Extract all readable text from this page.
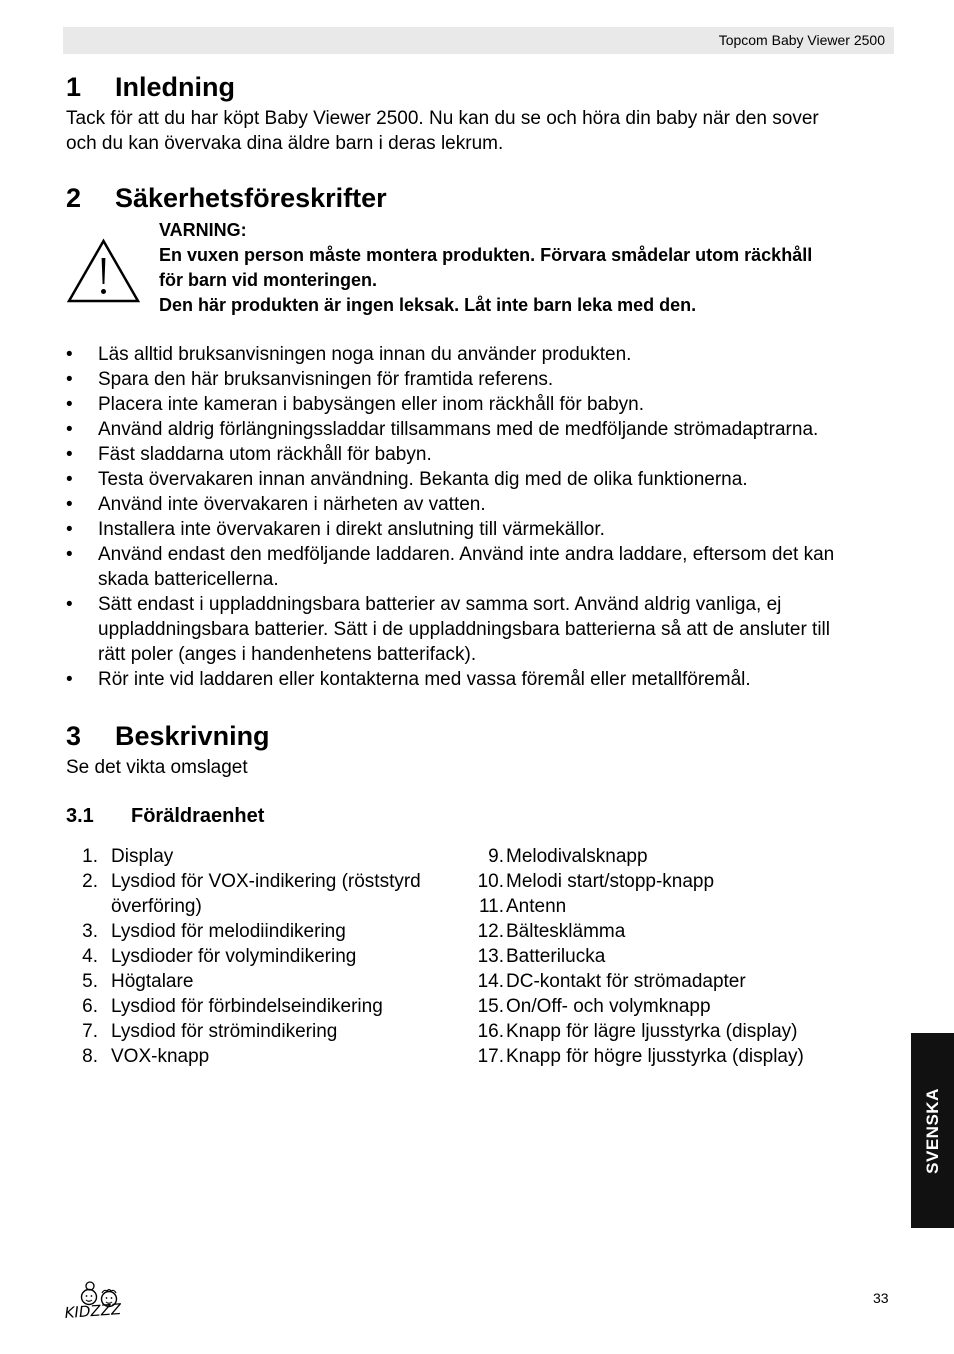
Topcom Baby Viewer 2500
1 Inledning
Tack för att du har köpt Baby Viewer 2500. Nu kan du se och höra din baby när den sover
och du kan övervaka dina äldre barn i deras lekrum.
2 Säkerhetsföreskrifter
VARNING:
En vuxen person måste montera produkten. Förvara smådelar utom räckhåll
för barn vid monteringen.
Den här produkten är ingen leksak. Låt inte barn leka med den.
• Läs alltid bruksanvisningen noga innan du använder produkten.
• Spara den här bruksanvisningen för framtida referens.
• Placera inte kameran i babysängen eller inom räckhåll för babyn.
• Använd aldrig förlängningssladdar tillsammans med de medföljande strömadaptrarna.
• Fäst sladdarna utom räckhåll för babyn.
• Testa övervakaren innan användning. Bekanta dig med de olika funktionerna.
• Använd inte övervakaren i närheten av vatten.
• Installera inte övervakaren i direkt anslutning till värmekällor.
• Använd endast den medföljande laddaren. Använd inte andra laddare, eftersom det kan
skada battericellerna.
• Sätt endast i uppladdningsbara batterier av samma sort. Använd aldrig vanliga, ej
uppladdningsbara batterier. Sätt i de uppladdningsbara batterierna så att de ansluter till
rätt poler (anges i handenhetens batterifack).
• Rör inte vid laddaren eller kontakterna med vassa föremål eller metallföremål.
3 Beskrivning
Se det vikta omslaget
3.1 Föräldraenhet
1. Display
2. Lysdiod för VOX-indikering (röststyrd
överföring)
3. Lysdiod för melodiindikering
4. Lysdioder för volymindikering
5. Högtalare
6. Lysdiod för förbindelseindikering
7. Lysdiod för strömindikering
8. VOX-knapp
9. Melodivalsknapp
10. Melodi start/stopp-knapp
11. Antenn
12. Bältesklämma
13. Batterilucka
14. DC-kontakt för strömadapter
15. On/Off- och volymknapp
16. Knapp för lägre ljusstyrka (display)
17. Knapp för högre ljusstyrka (display)
SVENSKA
KIDZZZ
33
